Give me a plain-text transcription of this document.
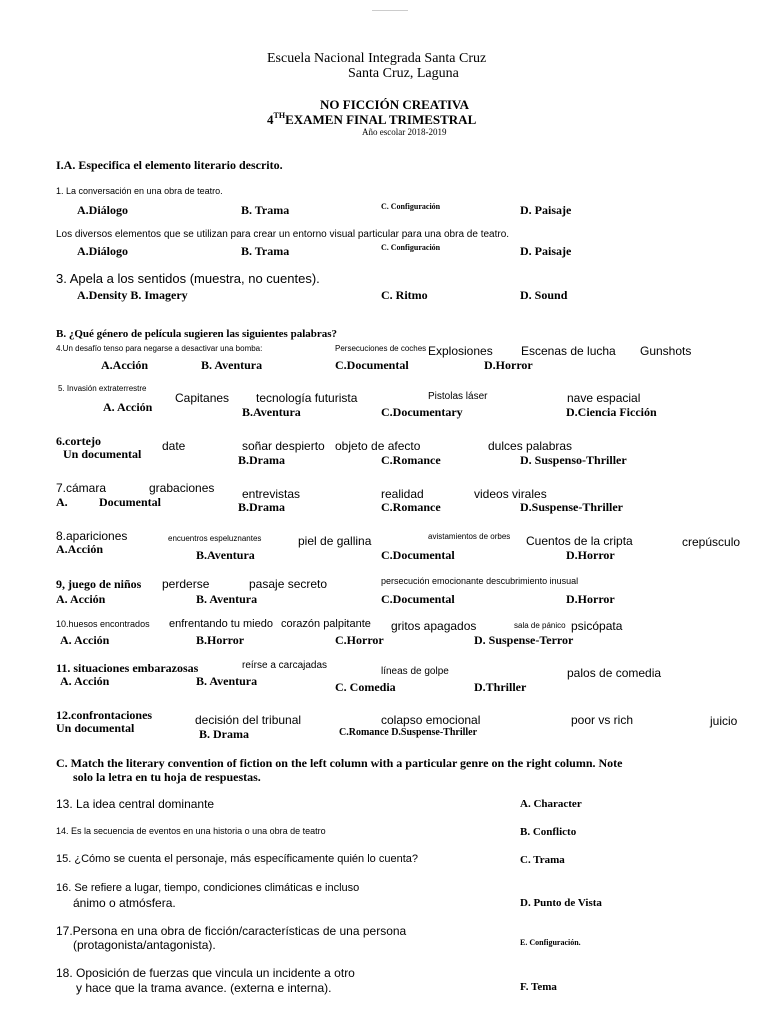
Escuela Nacional Integrada Santa Cruz
Santa Cruz, Laguna
NO FICCIÓN CREATIVA
4THEXAMEN FINAL TRIMESTRAL
Año escolar 2018-2019
I.A. Especifica el elemento literario descrito.
1. La conversación en una obra de teatro.
A.Diálogo	B. Trama	C. Configuración	D. Paisaje
Los diversos elementos que se utilizan para crear un entorno visual particular para una obra de teatro.
A.Diálogo	B. Trama	C. Configuración	D. Paisaje
3. Apela a los sentidos (muestra, no cuentes).
A.Density B. Imagery	C. Ritmo	D. Sound
B. ¿Qué género de película sugieren las siguientes palabras?
4.Un desafío tenso para negarse a desactivar una bomba:	Persecuciones de coches Explosiones Escenas de lucha Gunshots
A.Acción	B. Aventura	C.Documental	D.Horror
5. Invasión extraterrestre
Capitanes tecnología futurista	Pistolas láser	nave espacial
A. Acción	B.Aventura	C.Documentary	D.Ciencia Ficción
6.cortejo
Un documental
date	soñar despierto objeto de afecto	dulces palabras
B.Drama	C.Romance	D. Suspenso-Thriller
7.cámara
A.	Documental
grabaciones entrevistas	realidad	videos virales
B.Drama	C.Romance	D.Suspense-Thriller
8.apariciones
A.Acción
encuentros espeluznantes	piel de gallina	avistamientos de orbes Cuentos de la cripta	crepúsculo
B.Aventura	C.Documental	D.Horror
9, juego de niños perderse	pasaje secreto	persecución emocionante descubrimiento inusual
A. Acción	B. Aventura	C.Documental	D.Horror
10.huesos encontrados enfrentando tu miedo corazón palpitante gritos apagados	sala de pánico psicópata
A. Acción	B.Horror	C.Horror	D. Suspense-Terror
11. situaciones embarazosas	reírse a carcajadas
líneas de golpe	palos de comedia
A. Acción	B. Aventura	C. Comedia	D.Thriller
12.confrontaciones
Un documental
decisión del tribunal	colapso emocional	poor vs rich	juicio
B. Drama	C.Romance D.Suspense-Thriller
C. Match the literary convention of fiction on the left column with a particular genre on the right column. Note
solo la letra en tu hoja de respuestas.
13. La idea central dominante	A. Character
14. Es la secuencia de eventos en una historia o una obra de teatro	B. Conflicto
15. ¿Cómo se cuenta el personaje, más específicamente quién lo cuenta?	C. Trama
16. Se refiere a lugar, tiempo, condiciones climáticas e incluso
ánimo o atmósfera.	D. Punto de Vista
17.Persona en una obra de ficción/características de una persona
(protagonista/antagonista).	E. Configuración.
18. Oposición de fuerzas que vincula un incidente a otro
y hace que la trama avance. (externa e interna).	F. Tema
